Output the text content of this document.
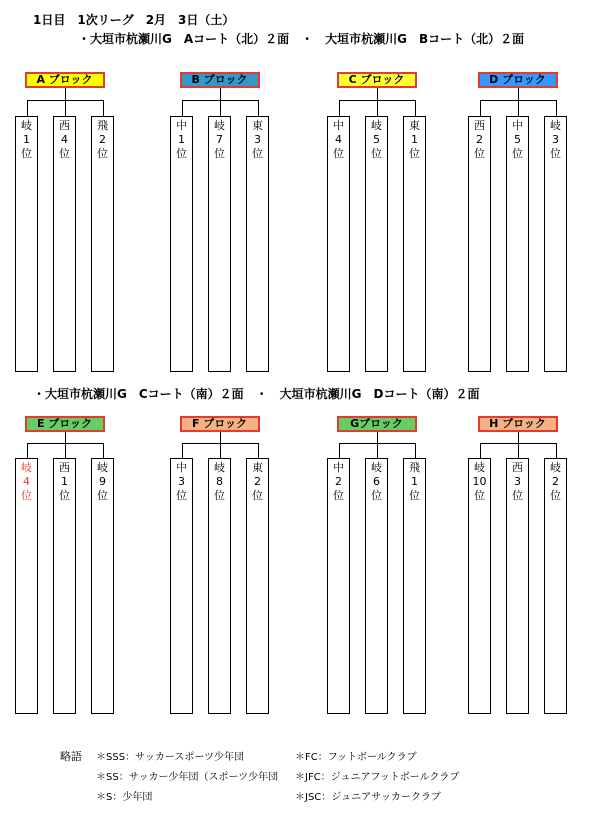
1日目　1次リーグ　2月　3日（土）
・大垣市杭瀬川G　Aコート（北）２面　・　大垣市杭瀬川G　Bコート（北）２面
・大垣市杭瀬川G　Cコート（南）２面　・　大垣市杭瀬川G　Dコート（南）２面
A ブロック
岐
1
位
西
4
位
飛
2
位
B ブロック
中
1
位
岐
7
位
東
3
位
C ブロック
中
4
位
岐
5
位
東
1
位
D ブロック
西
2
位
中
5
位
岐
3
位
E ブロック
岐
4
位
西
1
位
岐
9
位
F ブロック
中
3
位
岐
8
位
東
2
位
Gブロック
中
2
位
岐
6
位
飛
1
位
H ブロック
岐
10
位
西
3
位
岐
2
位
略語 ＊SSS：サッカースポーツ少年団
＊SS：サッカー少年団（スポーツ少年団
＊S：少年団
＊FC：フットボールクラブ
＊JFC：ジュニアフットボールクラブ
＊JSC：ジュニアサッカークラブ
